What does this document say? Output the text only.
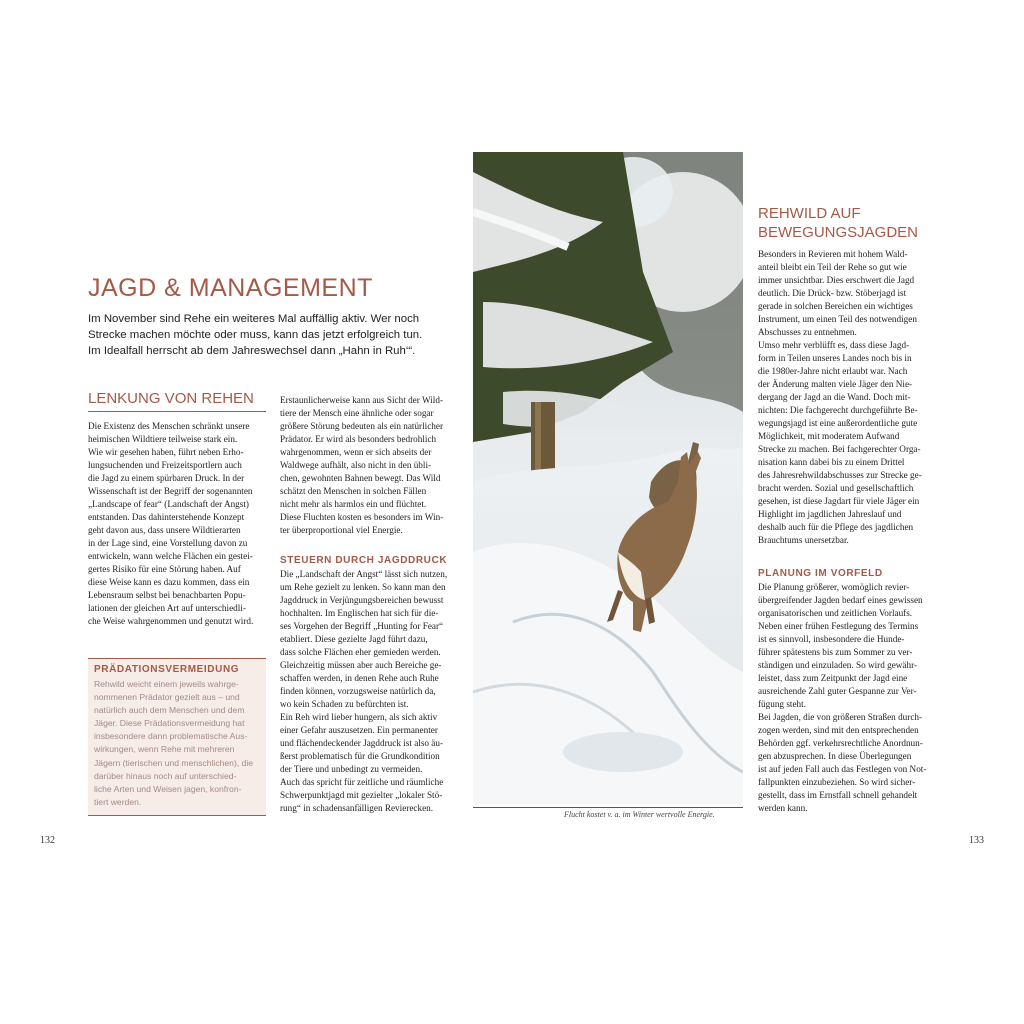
JAGD & MANAGEMENT
Im November sind Rehe ein weiteres Mal auffällig aktiv. Wer noch
Strecke machen möchte oder muss, kann das jetzt erfolgreich tun.
Im Idealfall herrscht ab dem Jahreswechsel dann „Hahn in Ruh‘“.
LENKUNG VON REHEN
Die Existenz des Menschen schränkt unsere
heimischen Wildtiere teilweise stark ein.
Wie wir gesehen haben, führt neben Erho-
lungsuchenden und Freizeitsportlern auch
die Jagd zu einem spürbaren Druck. In der
Wissenschaft ist der Begriff der sogenannten
„Landscape of fear“ (Landschaft der Angst)
entstanden. Das dahinterstehende Konzept
geht davon aus, dass unsere Wildtierarten
in der Lage sind, eine Vorstellung davon zu
entwickeln, wann welche Flächen ein gestei-
gertes Risiko für eine Störung haben. Auf
diese Weise kann es dazu kommen, dass ein
Lebensraum selbst bei benachbarten Popu-
lationen der gleichen Art auf unterschiedli-
che Weise wahrgenommen und genutzt wird.
PRÄDATIONSVERMEIDUNG
Rehwild weicht einem jeweils wahrge-
nommenen Prädator gezielt aus – und
natürlich auch dem Menschen und dem
Jäger. Diese Prädationsvermeidung hat
insbesondere dann problematische Aus-
wirkungen, wenn Rehe mit mehreren
Jägern (tierischen und menschlichen), die
darüber hinaus noch auf unterschied-
liche Arten und Weisen jagen, konfron-
tiert werden.
Erstaunlicherweise kann aus Sicht der Wild-
tiere der Mensch eine ähnliche oder sogar
größere Störung bedeuten als ein natürlicher
Prädator. Er wird als besonders bedrohlich
wahrgenommen, wenn er sich abseits der
Waldwege aufhält, also nicht in den übli-
chen, gewohnten Bahnen bewegt. Das Wild
schätzt den Menschen in solchen Fällen
nicht mehr als harmlos ein und flüchtet.
Diese Fluchten kosten es besonders im Win-
ter überproportional viel Energie.
STEUERN DURCH JAGDDRUCK
Die „Landschaft der Angst“ lässt sich nutzen,
um Rehe gezielt zu lenken. So kann man den
Jagddruck in Verjüngungsbereichen bewusst
hochhalten. Im Englischen hat sich für die-
ses Vorgehen der Begriff „Hunting for Fear“
etabliert. Diese gezielte Jagd führt dazu,
dass solche Flächen eher gemieden werden.
Gleichzeitig müssen aber auch Bereiche ge-
schaffen werden, in denen Rehe auch Ruhe
finden können, vorzugsweise natürlich da,
wo kein Schaden zu befürchten ist.
Ein Reh wird lieber hungern, als sich aktiv
einer Gefahr auszusetzen. Ein permanenter
und flächendeckender Jagddruck ist also äu-
ßerst problematisch für die Grundkondition
der Tiere und unbedingt zu vermeiden.
Auch das spricht für zeitliche und räumliche
Schwerpunktjagd mit gezielter „lokaler Stö-
rung“ in schadensanfälligen Revierecken.
132
Flucht kostet v. a. im Winter wertvolle Energie.
REHWILD AUF
BEWEGUNGSJAGDEN
Besonders in Revieren mit hohem Wald-
anteil bleibt ein Teil der Rehe so gut wie
immer unsichtbar. Dies erschwert die Jagd
deutlich. Die Drück- bzw. Stöberjagd ist
gerade in solchen Bereichen ein wichtiges
Instrument, um einen Teil des notwendigen
Abschusses zu entnehmen.
Umso mehr verblüfft es, dass diese Jagd-
form in Teilen unseres Landes noch bis in
die 1980er-Jahre nicht erlaubt war. Nach
der Änderung malten viele Jäger den Nie-
dergang der Jagd an die Wand. Doch mit-
nichten: Die fachgerecht durchgeführte Be-
wegungsjagd ist eine außerordentliche gute
Möglichkeit, mit moderatem Aufwand
Strecke zu machen. Bei fachgerechter Orga-
nisation kann dabei bis zu einem Drittel
des Jahresrehwildabschusses zur Strecke ge-
bracht werden. Sozial und gesellschaftlich
gesehen, ist diese Jagdart für viele Jäger ein
Highlight im jagdlichen Jahreslauf und
deshalb auch für die Pflege des jagdlichen
Brauchtums unersetzbar.
PLANUNG IM VORFELD
Die Planung größerer, womöglich revier-
übergreifender Jagden bedarf eines gewissen
organisatorischen und zeitlichen Vorlaufs.
Neben einer frühen Festlegung des Termins
ist es sinnvoll, insbesondere die Hunde-
führer spätestens bis zum Sommer zu ver-
ständigen und einzuladen. So wird gewähr-
leistet, dass zum Zeitpunkt der Jagd eine
ausreichende Zahl guter Gespanne zur Ver-
fügung steht.
Bei Jagden, die von größeren Straßen durch-
zogen werden, sind mit den entsprechenden
Behörden ggf. verkehrsrechtliche Anordnun-
gen abzusprechen. In diese Überlegungen
ist auf jeden Fall auch das Festlegen von Not-
fallpunkten einzubeziehen. So wird sicher-
gestellt, dass im Ernstfall schnell gehandelt
werden kann.
133
